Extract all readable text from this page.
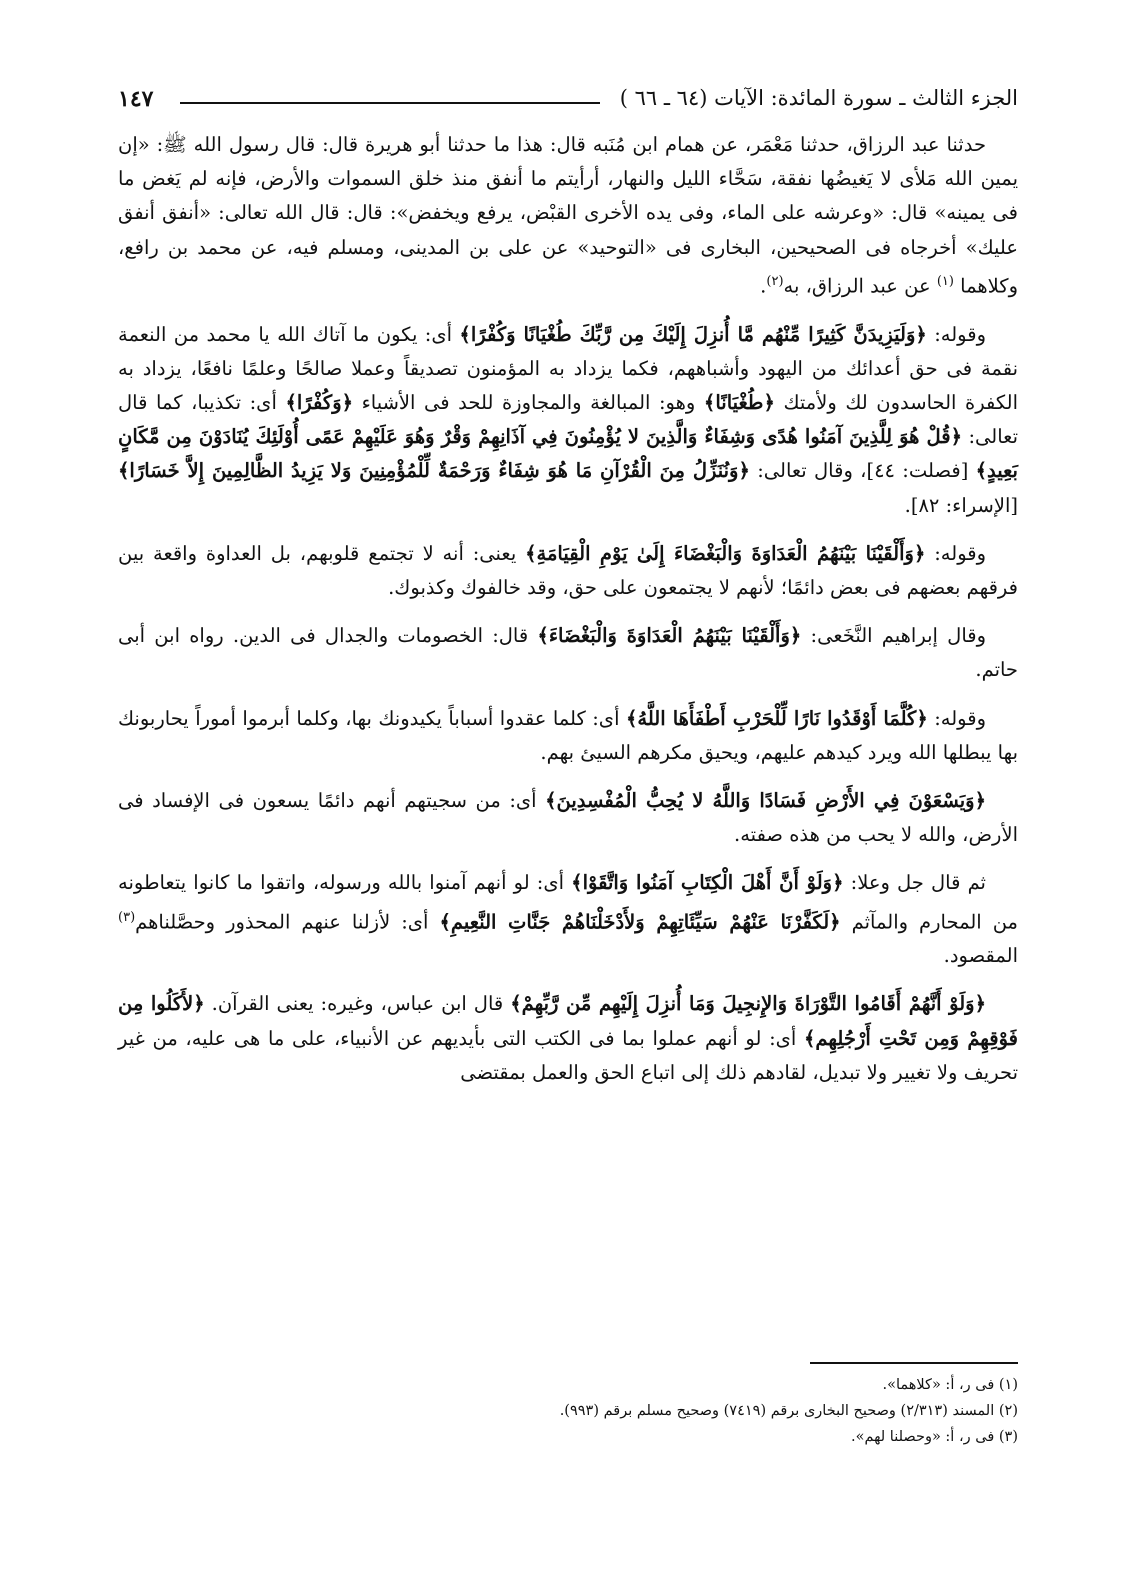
الجزء الثالث ـ سورة المائدة: الآيات (٦٤ ـ ٦٦ )
١٤٧

حدثنا عبد الرزاق، حدثنا مَعْمَر، عن همام ابن مُنَبه قال: هذا ما حدثنا أبو هريرة قال: قال رسول الله ﷺ: «إن يمين الله مَلأى لا يَغيضُها نفقة، سَحَّاء الليل والنهار، أرأيتم ما أنفق منذ خلق السموات والأرض، فإنه لم يَغض ما فى يمينه» قال: «وعرشه على الماء، وفى يده الأخرى القبْض، يرفع ويخفض»: قال: قال الله تعالى: «أنفق أنفق عليك» أخرجاه فى الصحيحين، البخارى فى «التوحيد» عن على بن المدينى، ومسلم فيه، عن محمد بن رافع، وكلاهما $^{(١)}$ عن عبد الرزاق، به$^{(٢)}$.

وقوله: ﴿وَلَيَزِيدَنَّ كَثِيرًا مِّنْهُم مَّا أُنزِلَ إِلَيْكَ مِن رَّبِّكَ طُغْيَانًا وَكُفْرًا﴾ أى: يكون ما آتاك الله يا محمد من النعمة نقمة فى حق أعدائك من اليهود وأشباههم، فكما يزداد به المؤمنون تصديقاً وعملا صالحًا وعلمًا نافعًا، يزداد به الكفرة الحاسدون لك ولأمتك ﴿طُغْيَانًا﴾ وهو: المبالغة والمجاوزة للحد فى الأشياء ﴿وَكُفْرًا﴾ أى: تكذيبا، كما قال تعالى: ﴿قُلْ هُوَ لِلَّذِينَ آمَنُوا هُدًى وَشِفَاءٌ وَالَّذِينَ لا يُؤْمِنُونَ فِي آذَانِهِمْ وَقْرٌ وَهُوَ عَلَيْهِمْ عَمًى أُوْلَئِكَ يُنَادَوْنَ مِن مَّكَانٍ بَعِيدٍ﴾ [فصلت: ٤٤]، وقال تعالى: ﴿وَنُنَزِّلُ مِنَ الْقُرْآنِ مَا هُوَ شِفَاءٌ وَرَحْمَةٌ لِّلْمُؤْمِنِينَ وَلا يَزِيدُ الظَّالِمِينَ إِلاَّ خَسَارًا﴾ [الإسراء: ٨٢].

وقوله: ﴿وَأَلْقَيْنَا بَيْنَهُمُ الْعَدَاوَةَ وَالْبَغْضَاءَ إِلَىٰ يَوْمِ الْقِيَامَةِ﴾ يعنى: أنه لا تجتمع قلوبهم، بل العداوة واقعة بين فرقهم بعضهم فى بعض دائمًا؛ لأنهم لا يجتمعون على حق، وقد خالفوك وكذبوك.

وقال إبراهيم النَّخَعى: ﴿وَأَلْقَيْنَا بَيْنَهُمُ الْعَدَاوَةَ وَالْبَغْضَاءَ﴾ قال: الخصومات والجدال فى الدين. رواه ابن أبى حاتم.

وقوله: ﴿كُلَّمَا أَوْقَدُوا نَارًا لِّلْحَرْبِ أَطْفَأَهَا اللَّهُ﴾ أى: كلما عقدوا أسباباً يكيدونك بها، وكلما أبرموا أموراً يحاربونك بها يبطلها الله ويرد كيدهم عليهم، ويحيق مكرهم السيئ بهم.

﴿وَيَسْعَوْنَ فِي الأَرْضِ فَسَادًا وَاللَّهُ لا يُحِبُّ الْمُفْسِدِينَ﴾ أى: من سجيتهم أنهم دائمًا يسعون فى الإفساد فى الأرض، والله لا يحب من هذه صفته.

ثم قال جل وعلا: ﴿وَلَوْ أَنَّ أَهْلَ الْكِتَابِ آمَنُوا وَاتَّقَوْا﴾ أى: لو أنهم آمنوا بالله ورسوله، واتقوا ما كانوا يتعاطونه من المحارم والمآثم ﴿لَكَفَّرْنَا عَنْهُمْ سَيِّئَاتِهِمْ وَلأَدْخَلْنَاهُمْ جَنَّاتِ النَّعِيمِ﴾ أى: لأزلنا عنهم المحذور وحصَّلناهم$^{(٣)}$ المقصود.

﴿وَلَوْ أَنَّهُمْ أَقَامُوا التَّوْرَاةَ وَالإِنجِيلَ وَمَا أُنزِلَ إِلَيْهِم مِّن رَّبِّهِمْ﴾ قال ابن عباس، وغيره: يعنى القرآن. ﴿لأَكَلُوا مِن فَوْقِهِمْ وَمِن تَحْتِ أَرْجُلِهِم﴾ أى: لو أنهم عملوا بما فى الكتب التى بأيديهم عن الأنبياء، على ما هى عليه، من غير تحريف ولا تغيير ولا تبديل، لقادهم ذلك إلى اتباع الحق والعمل بمقتضى

(١) فى ر، أ: «كلاهما».
(٢) المسند (٢/٣١٣) وصحيح البخارى برقم (٧٤١٩) وصحيح مسلم برقم (٩٩٣).
(٣) فى ر، أ: «وحصلنا لهم».
